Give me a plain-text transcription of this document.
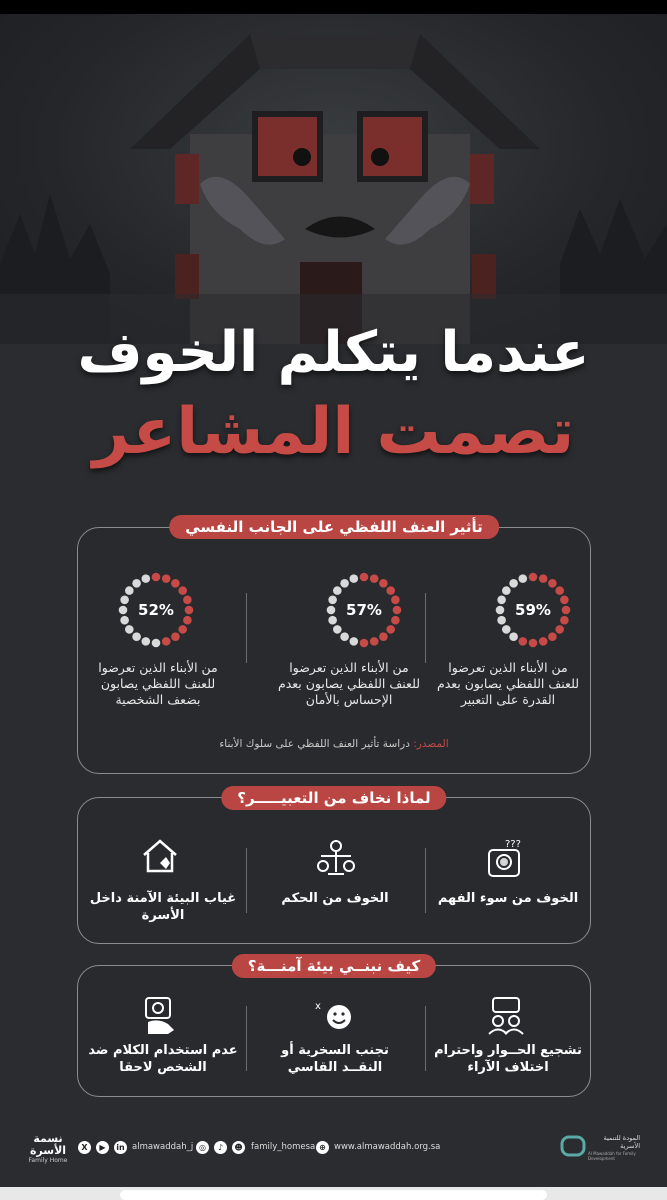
عندما يتكلم الخوف
تصمت المشاعر
تأثير العنف اللفظي على الجانب النفسي
59%
من الأبناء الذين تعرضوا للعنف اللفظي يصابون بعدم القدرة على التعبير
57%
من الأبناء الذين تعرضوا للعنف اللفظي يصابون بعدم الإحساس بالأمان
52%
من الأبناء الذين تعرضوا للعنف اللفظي يصابون بضعف الشخصية
المصدر: دراسة تأثير العنف اللفظي على سلوك الأبناء
لماذا نخاف من التعبيـــــر؟
???
الخوف من سوء الفهم
الخوف من الحكم
غياب البيئة الآمنة داخل الأسرة
كيف نبنــي بيئة آمنـــة؟
x
تشجيع الحــوار واحترام اختلاف الآراء
تجنب السخرية أو النقــد القاسي
عدم استخدام الكلام ضد الشخص لاحقا
نسمة الأسرة
Family Home
X	▶	in almawaddah_j ◎	♪	☻ family_homesa ⊕ www.almawaddah.org.sa
المودة للتنمية الأسرية
Al Mawaddah for Family Development
